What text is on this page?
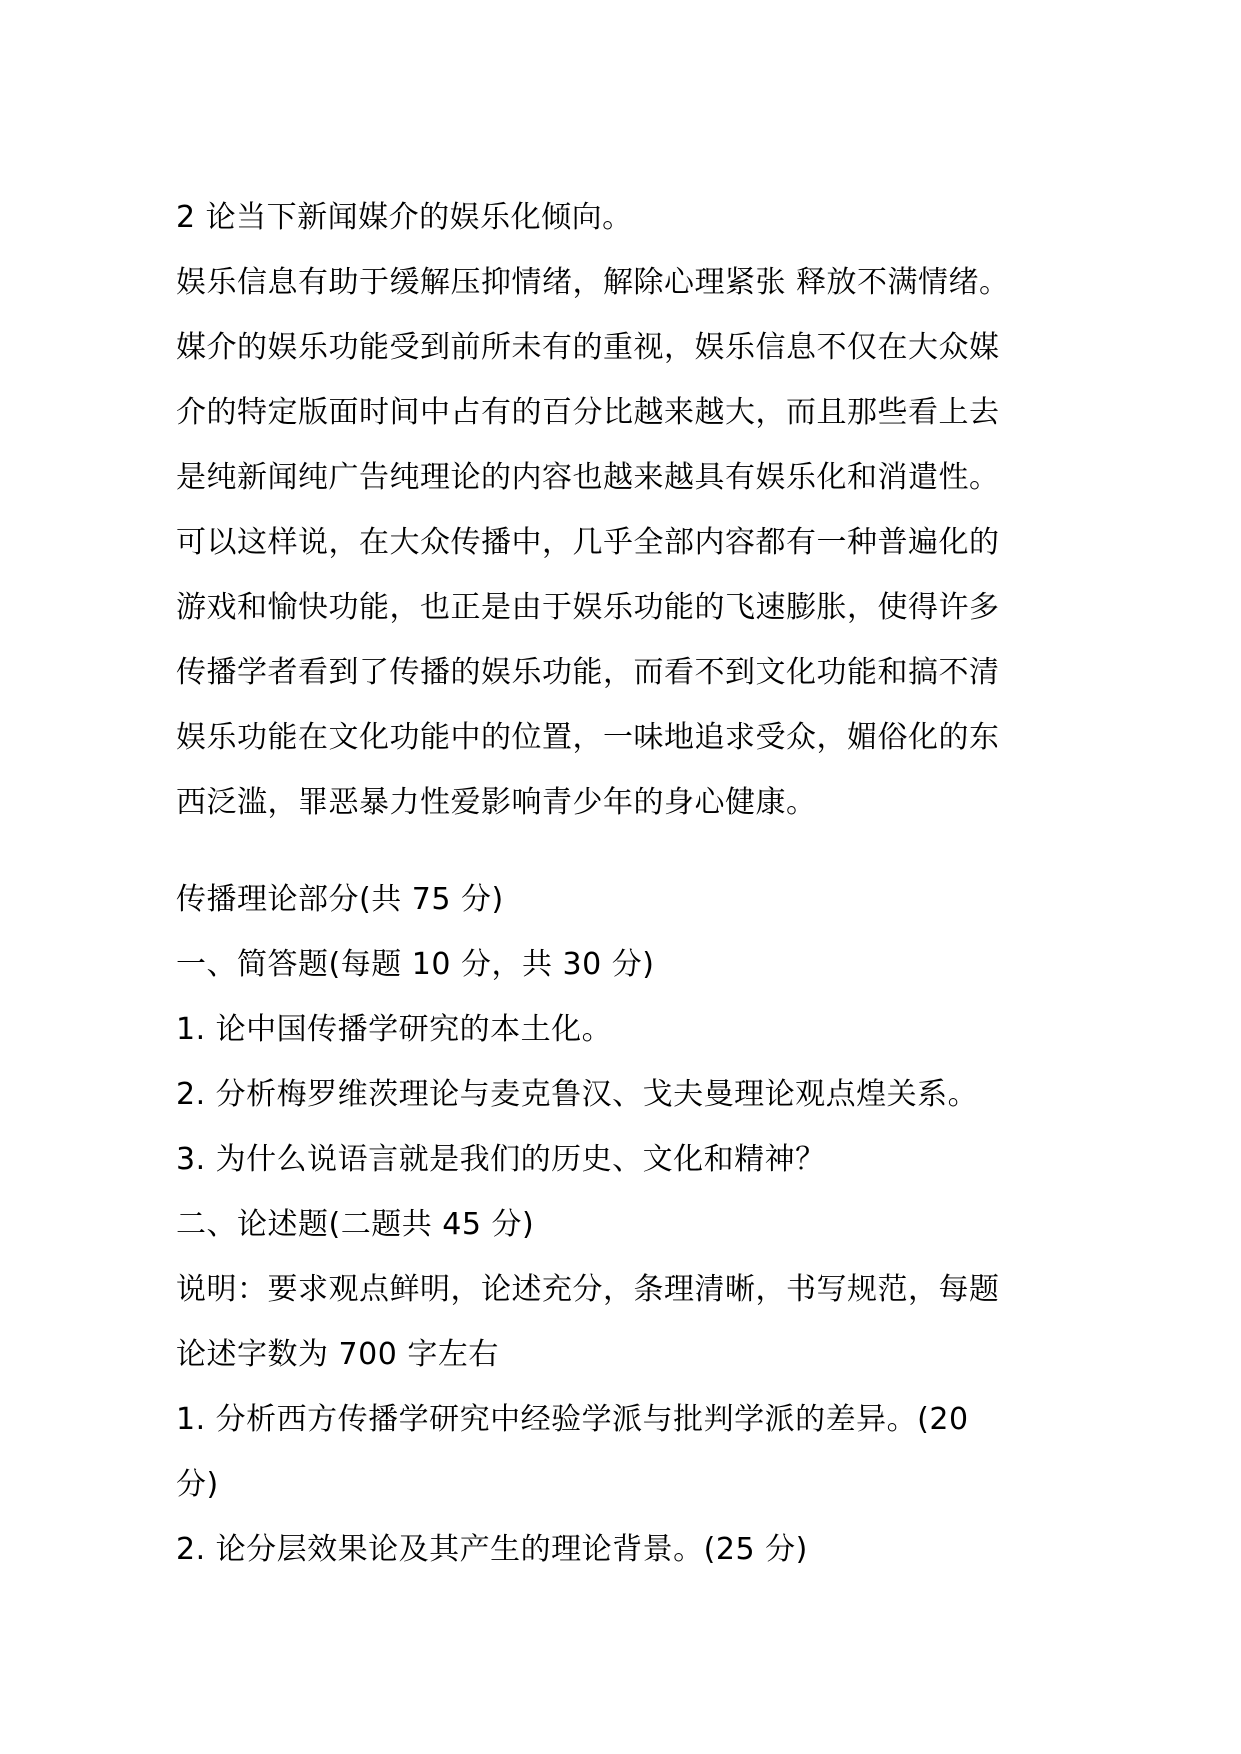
2 论当下新闻媒介的娱乐化倾向。
娱乐信息有助于缓解压抑情绪，解除心理紧张 释放不满情绪。
媒介的娱乐功能受到前所未有的重视，娱乐信息不仅在大众媒
介的特定版面时间中占有的百分比越来越大，而且那些看上去
是纯新闻纯广告纯理论的内容也越来越具有娱乐化和消遣性。
可以这样说，在大众传播中，几乎全部内容都有一种普遍化的
游戏和愉快功能，也正是由于娱乐功能的飞速膨胀，使得许多
传播学者看到了传播的娱乐功能，而看不到文化功能和搞不清
娱乐功能在文化功能中的位置，一味地追求受众，媚俗化的东
西泛滥，罪恶暴力性爱影响青少年的身心健康。
传播理论部分(共 75 分)
一、简答题(每题 10 分，共 30 分)
1. 论中国传播学研究的本土化。
2. 分析梅罗维茨理论与麦克鲁汉、戈夫曼理论观点煌关系。
3. 为什么说语言就是我们的历史、文化和精神？
二、论述题(二题共 45 分)
说明：要求观点鲜明，论述充分，条理清晰，书写规范，每题
论述字数为 700 字左右
1. 分析西方传播学研究中经验学派与批判学派的差异。(20
分)
2. 论分层效果论及其产生的理论背景。(25 分)
